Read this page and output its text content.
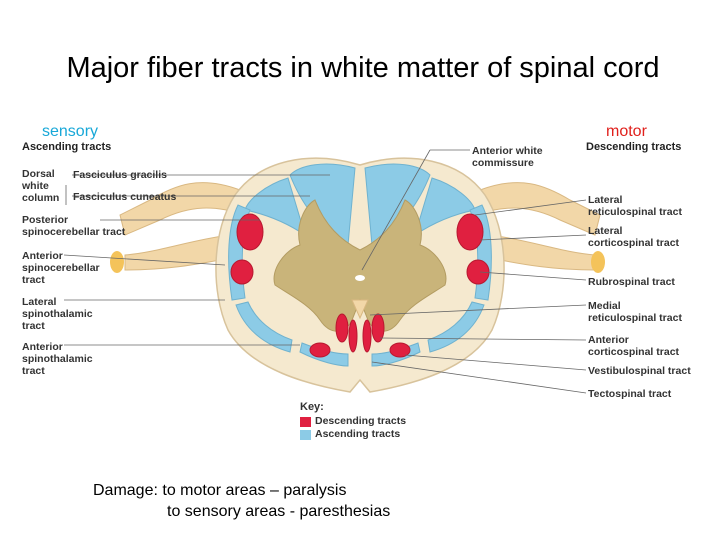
Major fiber tracts in white matter of spinal cord
sensory	motor
Ascending tracts	Descending tracts
Dorsal
white
column
Fasciculus gracilis
Fasciculus cuneatus
Posterior
spinocerebellar tract
Anterior
spinocerebellar
tract
Lateral
spinothalamic
tract
Anterior
spinothalamic
tract
Anterior white
commissure
Lateral
reticulospinal tract
Lateral
corticospinal tract
Rubrospinal tract
Medial
reticulospinal tract
Anterior
corticospinal tract
Vestibulospinal tract
Tectospinal tract
Key:
Descending tracts
Ascending tracts
Damage: to motor areas – paralysis
to sensory areas - paresthesias
